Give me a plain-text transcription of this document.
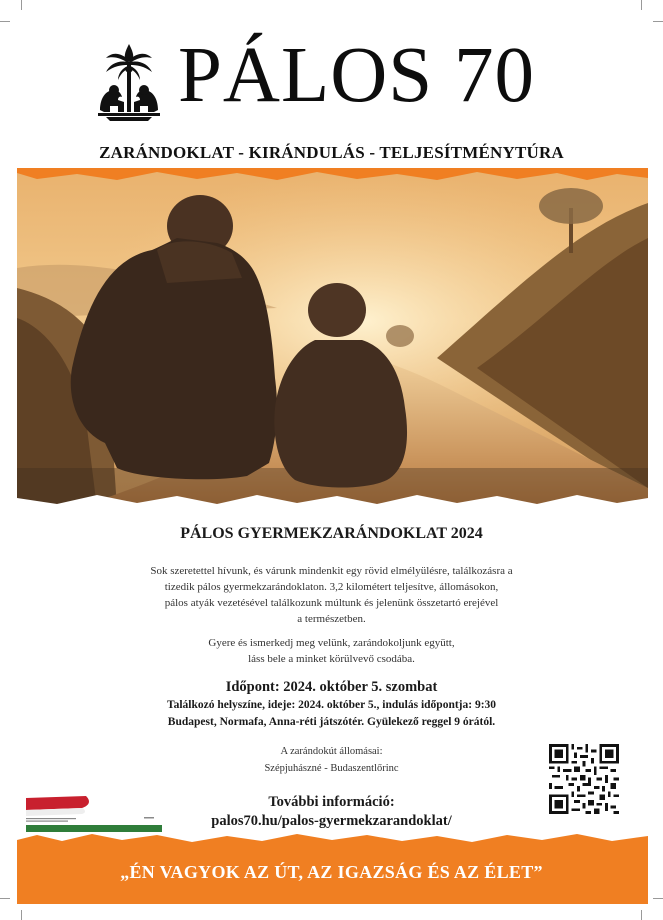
PÁLOS 70
ZARÁNDOKLAT - KIRÁNDULÁS - TELJESÍTMÉNYTÚRA
PÁLOS GYERMEKZARÁNDOKLAT 2024
Sok szeretettel hívunk, és várunk mindenkit egy rövid elmélyülésre, találkozásra a
tizedik pálos gyermekzarándoklaton. 3,2 kilométert teljesítve, állomásokon,
pálos atyák vezetésével találkozunk múltunk és jelenünk összetartó erejével
a természetben.
Gyere és ismerkedj meg velünk, zarándokoljunk együtt,
láss bele a minket körülvevő csodába.
Időpont: 2024. október 5. szombat
Találkozó helyszíne, ideje: 2024. október 5., indulás időpontja: 9:30
Budapest, Normafa, Anna-réti játszótér. Gyülekező reggel 9 órától.
A zarándokút állomásai:
Szépjuhászné - Budaszentlőrinc
További információ:
palos70.hu/palos-gyermekzarandoklat/
„ÉN VAGYOK AZ ÚT, AZ IGAZSÁG ÉS AZ ÉLET”
